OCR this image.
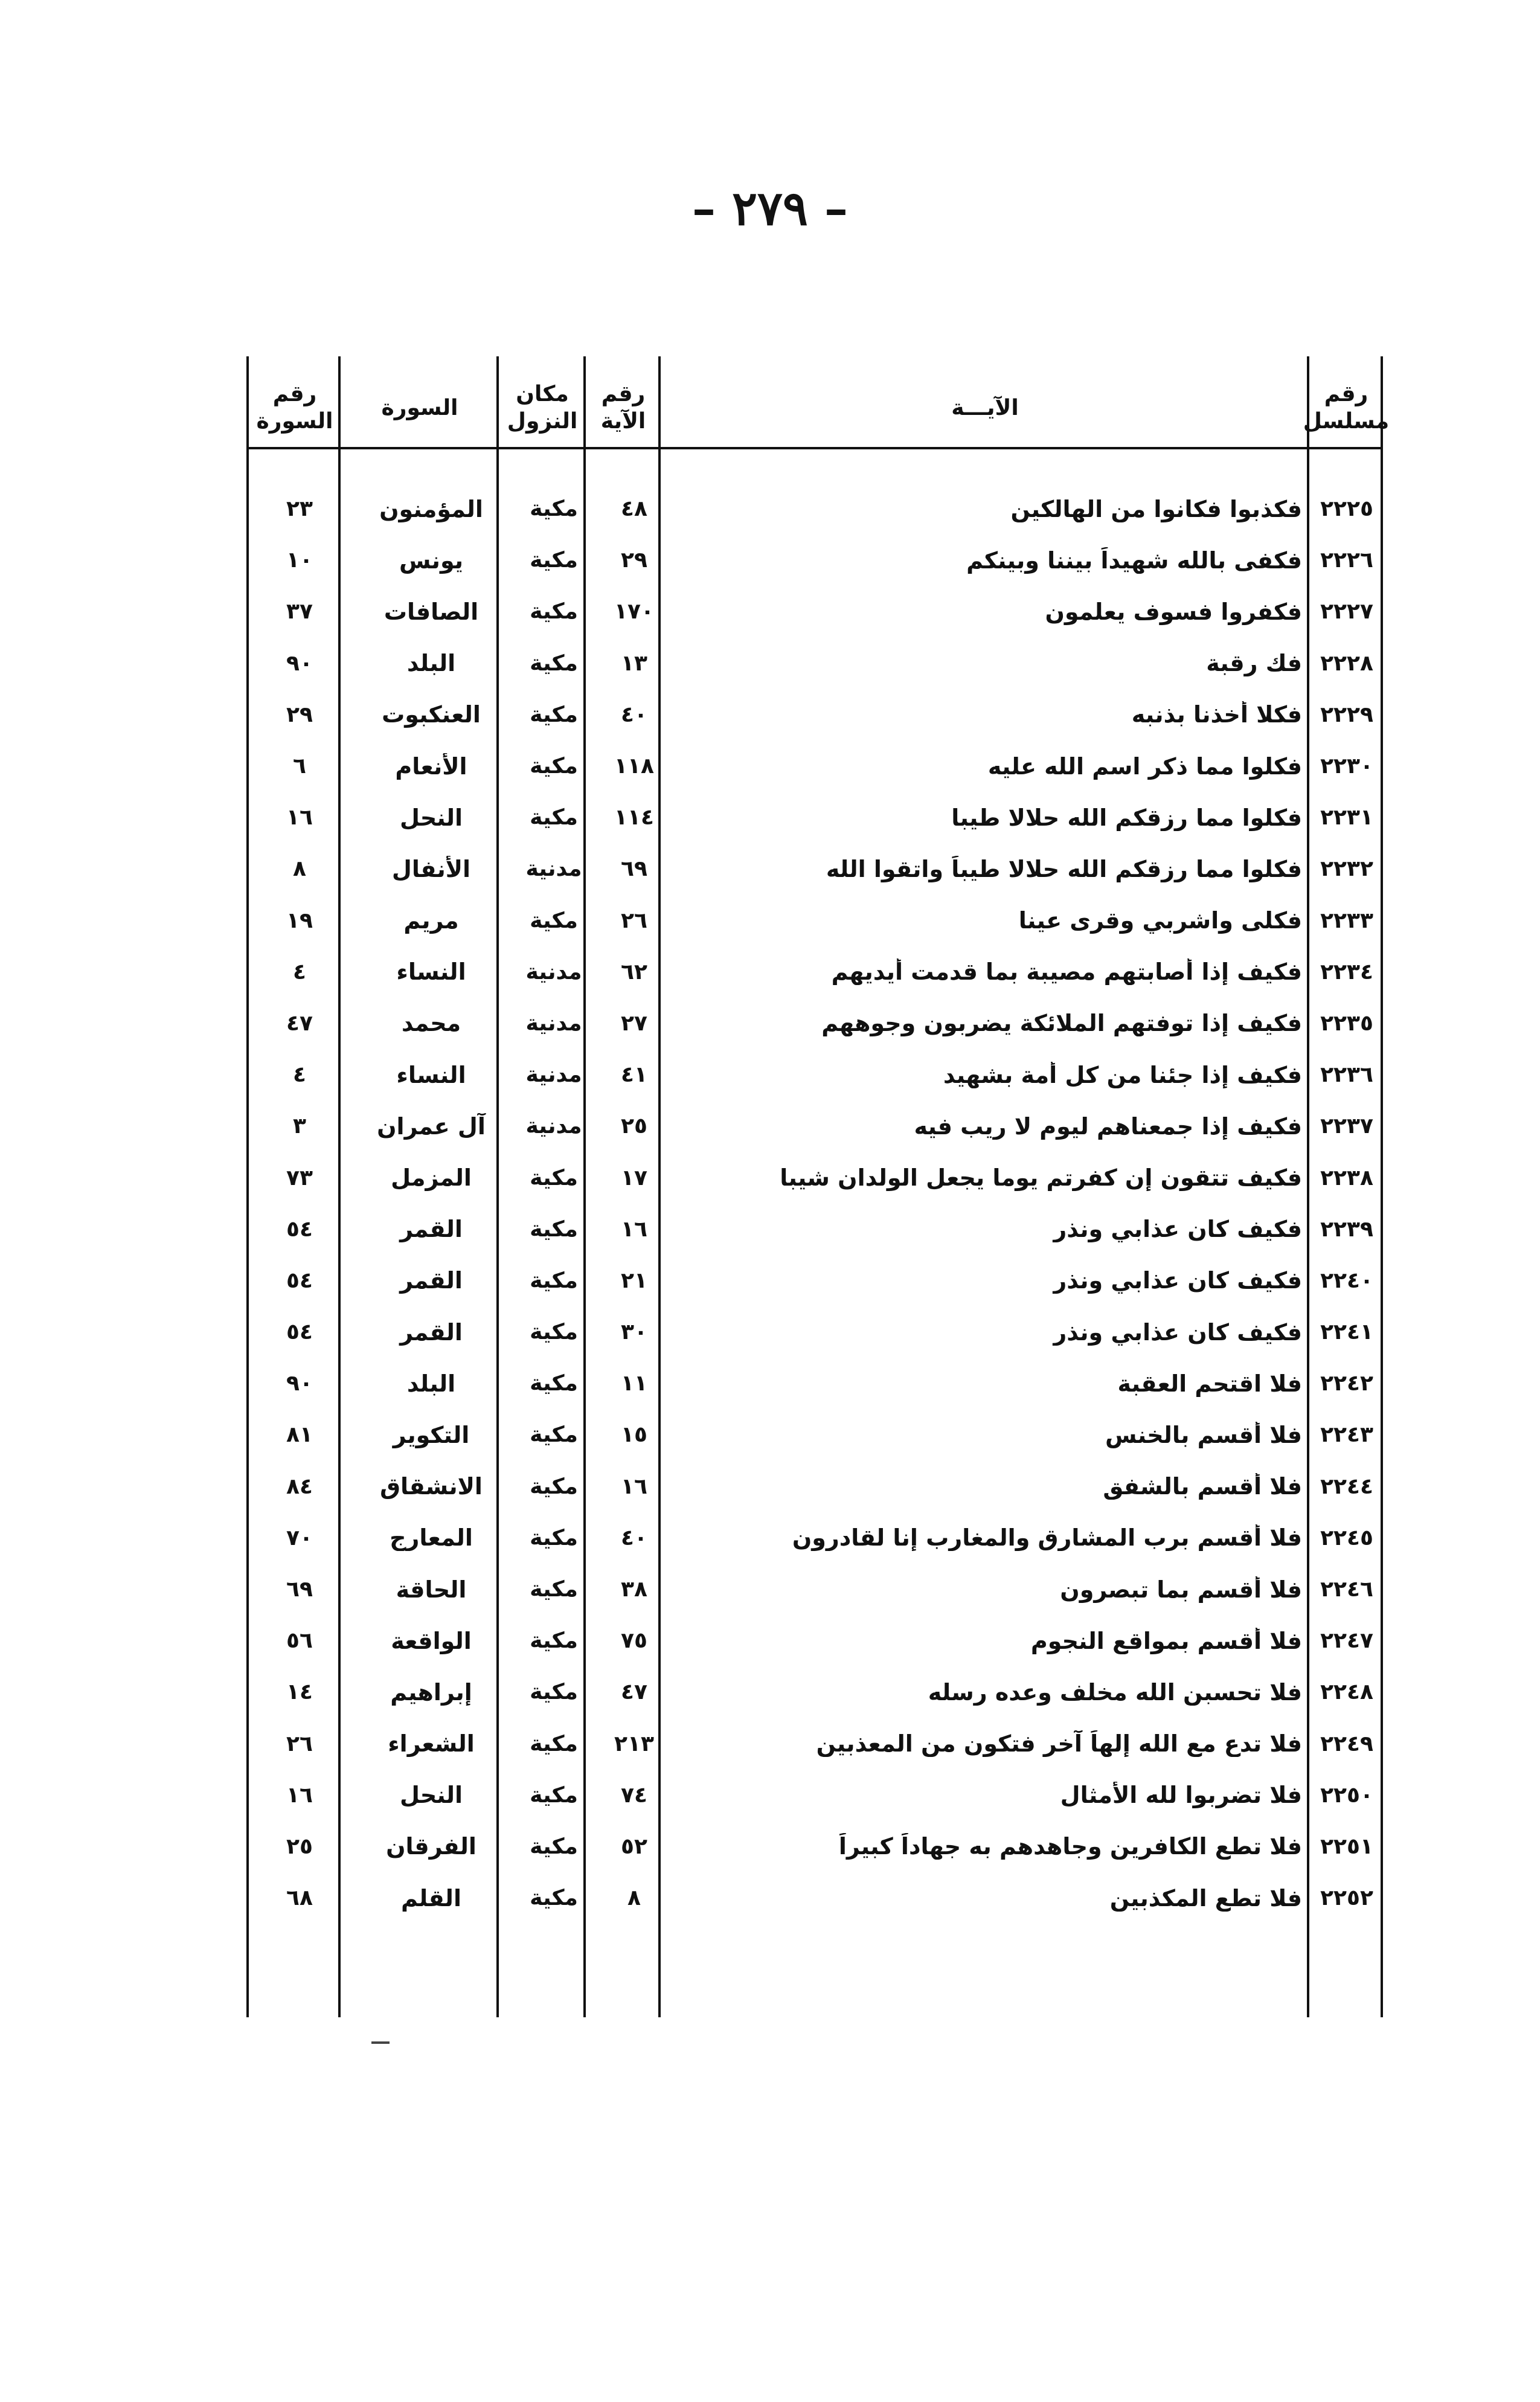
– ٢٧٩ –
رقم
مسلسل
الآيـــة
رقم
الآية
مكان
النزول
السورة
رقم
السورة
٢٢٢٥
فكذبوا فكانوا من الهالكين
٤٨
مكية
المؤمنون
٢٣
٢٢٢٦
فكفى بالله شهيداً بيننا وبينكم
٢٩
مكية
يونس
١٠
٢٢٢٧
فكفروا فسوف يعلمون
١٧٠
مكية
الصافات
٣٧
٢٢٢٨
فك رقبة
١٣
مكية
البلد
٩٠
٢٢٢٩
فكلا أخذنا بذنبه
٤٠
مكية
العنكبوت
٢٩
٢٢٣٠
فكلوا مما ذكر اسم الله عليه
١١٨
مكية
الأنعام
٦
٢٢٣١
فكلوا مما رزقكم الله حلالا طيبا
١١٤
مكية
النحل
١٦
٢٢٣٢
فكلوا مما رزقكم الله حلالا طيباً واتقوا الله
٦٩
مدنية
الأنفال
٨
٢٢٣٣
فكلى واشربي وقرى عينا
٢٦
مكية
مريم
١٩
٢٢٣٤
فكيف إذا أصابتهم مصيبة بما قدمت أيديهم
٦٢
مدنية
النساء
٤
٢٢٣٥
فكيف إذا توفتهم الملائكة يضربون وجوههم
٢٧
مدنية
محمد
٤٧
٢٢٣٦
فكيف إذا جئنا من كل أمة بشهيد
٤١
مدنية
النساء
٤
٢٢٣٧
فكيف إذا جمعناهم ليوم لا ريب فيه
٢٥
مدنية
آل عمران
٣
٢٢٣٨
فكيف تتقون إن كفرتم يوما يجعل الولدان شيبا
١٧
مكية
المزمل
٧٣
٢٢٣٩
فكيف كان عذابي ونذر
١٦
مكية
القمر
٥٤
٢٢٤٠
فكيف كان عذابي ونذر
٢١
مكية
القمر
٥٤
٢٢٤١
فكيف كان عذابي ونذر
٣٠
مكية
القمر
٥٤
٢٢٤٢
فلا اقتحم العقبة
١١
مكية
البلد
٩٠
٢٢٤٣
فلا أقسم بالخنس
١٥
مكية
التكوير
٨١
٢٢٤٤
فلا أقسم بالشفق
١٦
مكية
الانشقاق
٨٤
٢٢٤٥
فلا أقسم برب المشارق والمغارب إنا لقادرون
٤٠
مكية
المعارج
٧٠
٢٢٤٦
فلا أقسم بما تبصرون
٣٨
مكية
الحاقة
٦٩
٢٢٤٧
فلا أقسم بمواقع النجوم
٧٥
مكية
الواقعة
٥٦
٢٢٤٨
فلا تحسبن الله مخلف وعده رسله
٤٧
مكية
إبراهيم
١٤
٢٢٤٩
فلا تدع مع الله إلهاً آخر فتكون من المعذبين
٢١٣
مكية
الشعراء
٢٦
٢٢٥٠
فلا تضربوا لله الأمثال
٧٤
مكية
النحل
١٦
٢٢٥١
فلا تطع الكافرين وجاهدهم به جهاداً كبيراً
٥٢
مكية
الفرقان
٢٥
٢٢٥٢
فلا تطع المكذبين
٨
مكية
القلم
٦٨
